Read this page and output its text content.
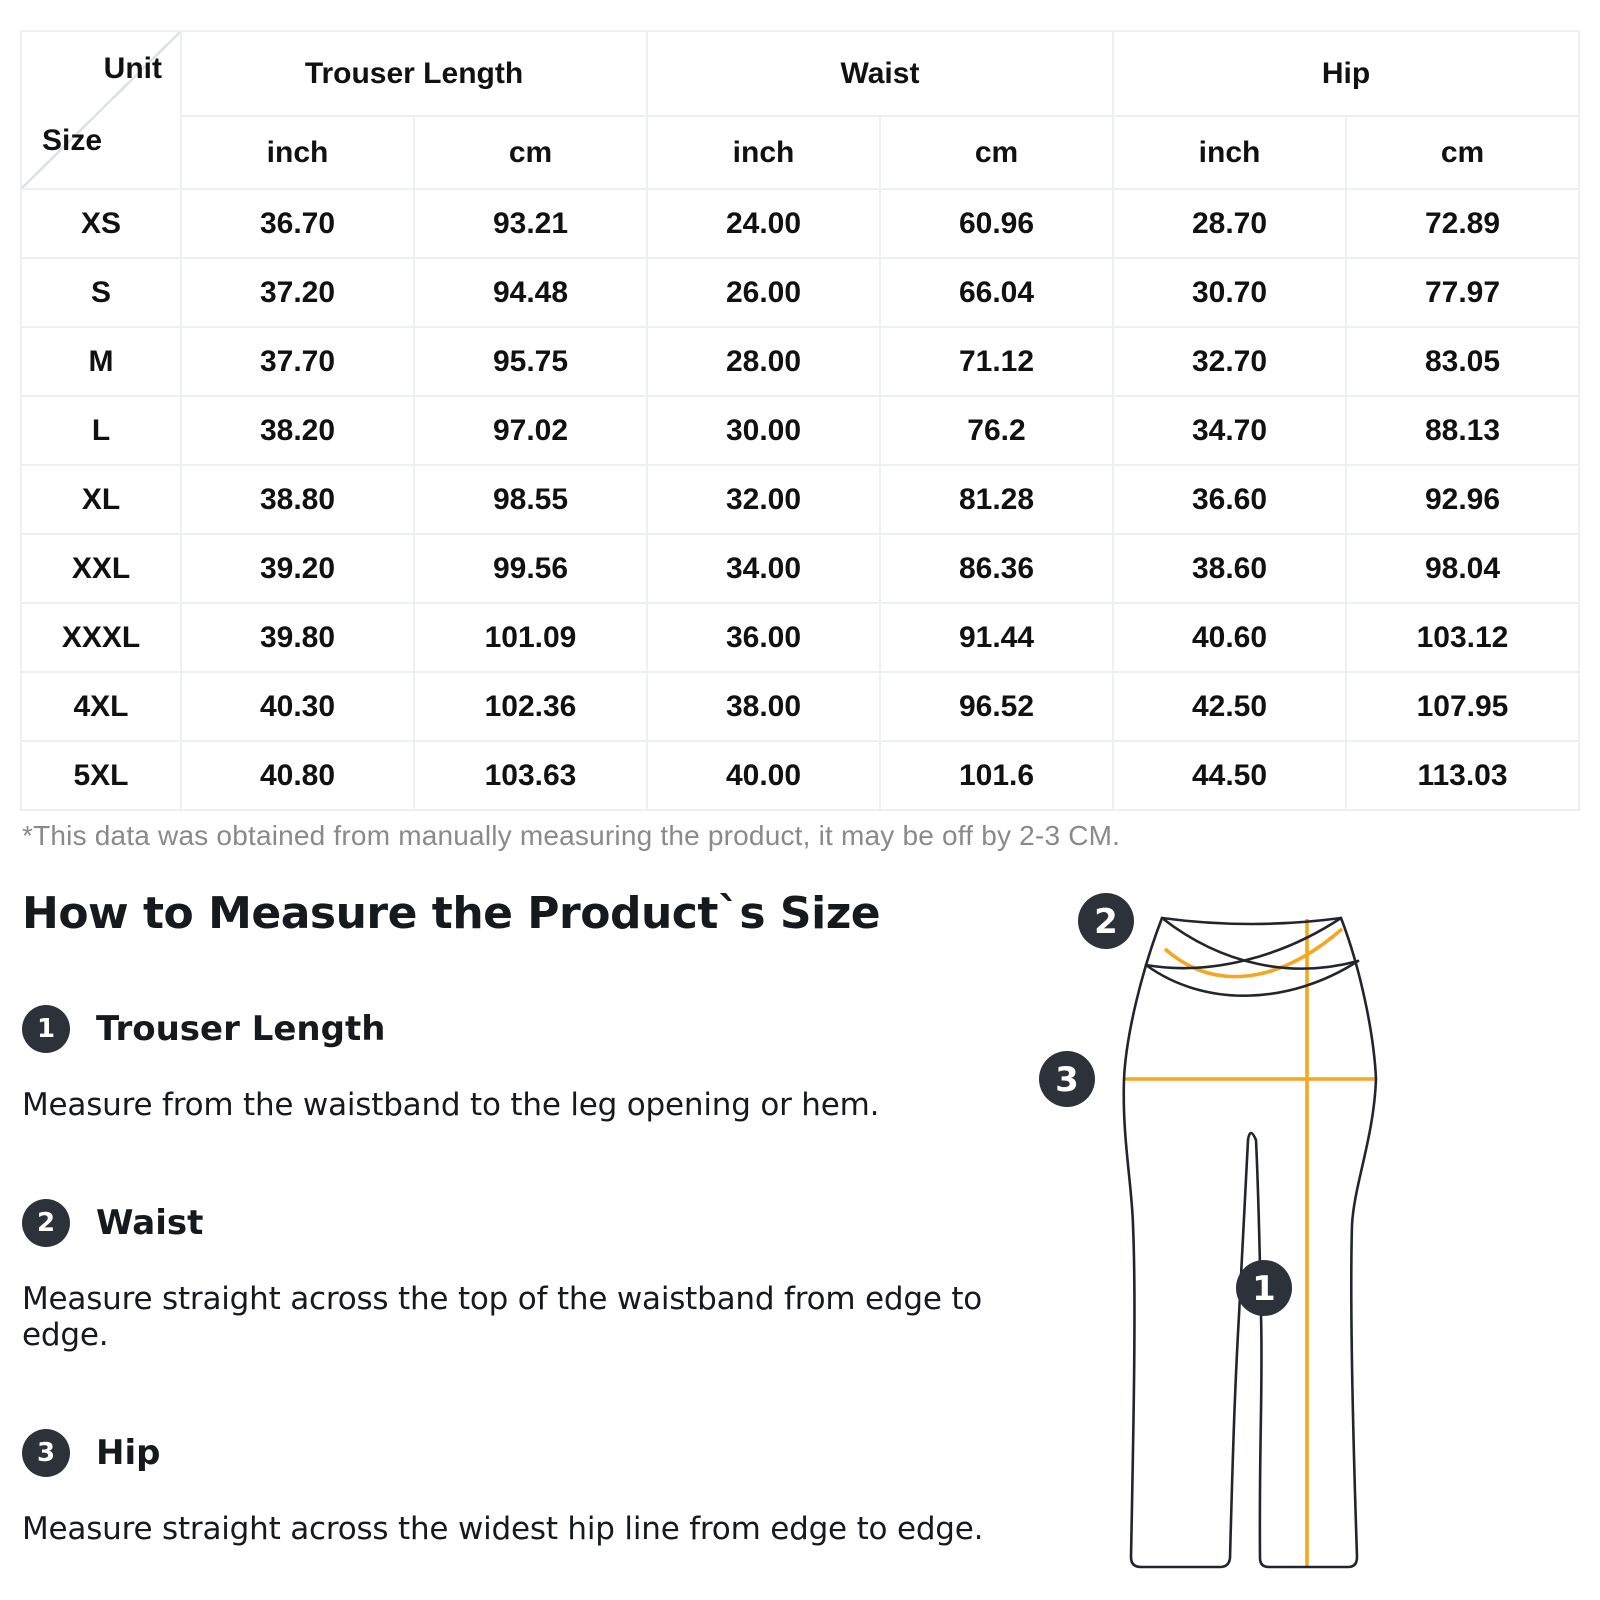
Unit
Size	Trouser Length		Waist		Hip	
	inch	cm	inch	cm	inch	cm
XS	36.70	93.21	24.00	60.96	28.70	72.89
S	37.20	94.48	26.00	66.04	30.70	77.97
M	37.70	95.75	28.00	71.12	32.70	83.05
L	38.20	97.02	30.00	76.2	34.70	88.13
XL	38.80	98.55	32.00	81.28	36.60	92.96
XXL	39.20	99.56	34.00	86.36	38.60	98.04
XXXL	39.80	101.09	36.00	91.44	40.60	103.12
4XL	40.30	102.36	38.00	96.52	42.50	107.95
5XL	40.80	103.63	40.00	101.6	44.50	113.03
*This data was obtained from manually measuring the product, it may be off by 2-3 CM.
How to Measure the Product`s Size
1	Trouser Length
Measure from the waistband to the leg opening or hem.
2	Waist
Measure straight across the top of the waistband from edge to edge.
3	Hip
Measure straight across the widest hip line from edge to edge.
2
3
1
